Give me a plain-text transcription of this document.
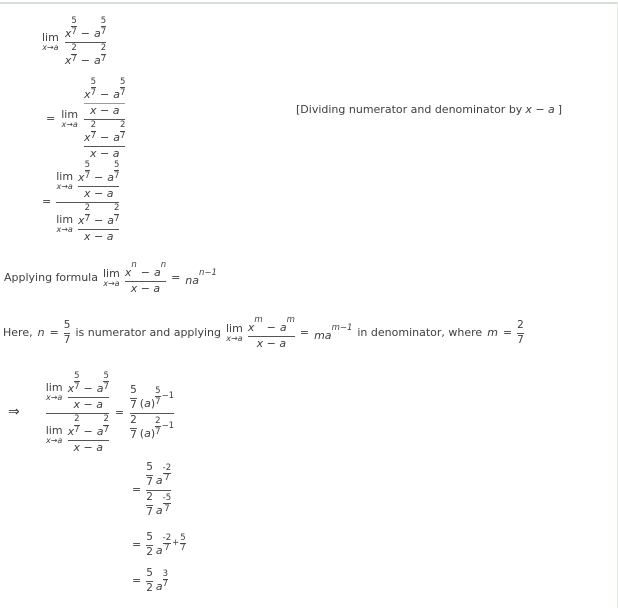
lim
x→a
x
5
7 − a
5
7
x
2
7 − a
2
7
= lim
x→a
x
5
7 − a
5
7
x − a
x
2
7 − a
2
7
x − a
[Dividing numerator and denominator by x − a ]
=
lim
x→a
x
5
7 − a
5
7
x − a
lim
x→a
x
2
7 − a
2
7
x − a
Applying formula lim
x→a
x
n
− a
n
x − a
= na
n−1
Here, n =
5
7
is numerator and applying lim
x→a
x
m
− a
m
x − a
= ma
m−1 in denominator, where m =
2
7
⇒
lim
x→a
x
5
7 − a
5
7
x − a
lim
x→a
x
2
7 − a
2
7
x − a
=
5
7 (a)
5
7
−1
2
7 (a)
2
7
−1
=
5
7 a
-2
7
2
7 a
-5
7
=
5
2 a
-2
7
+
5
7
=
5
2 a
3
7
